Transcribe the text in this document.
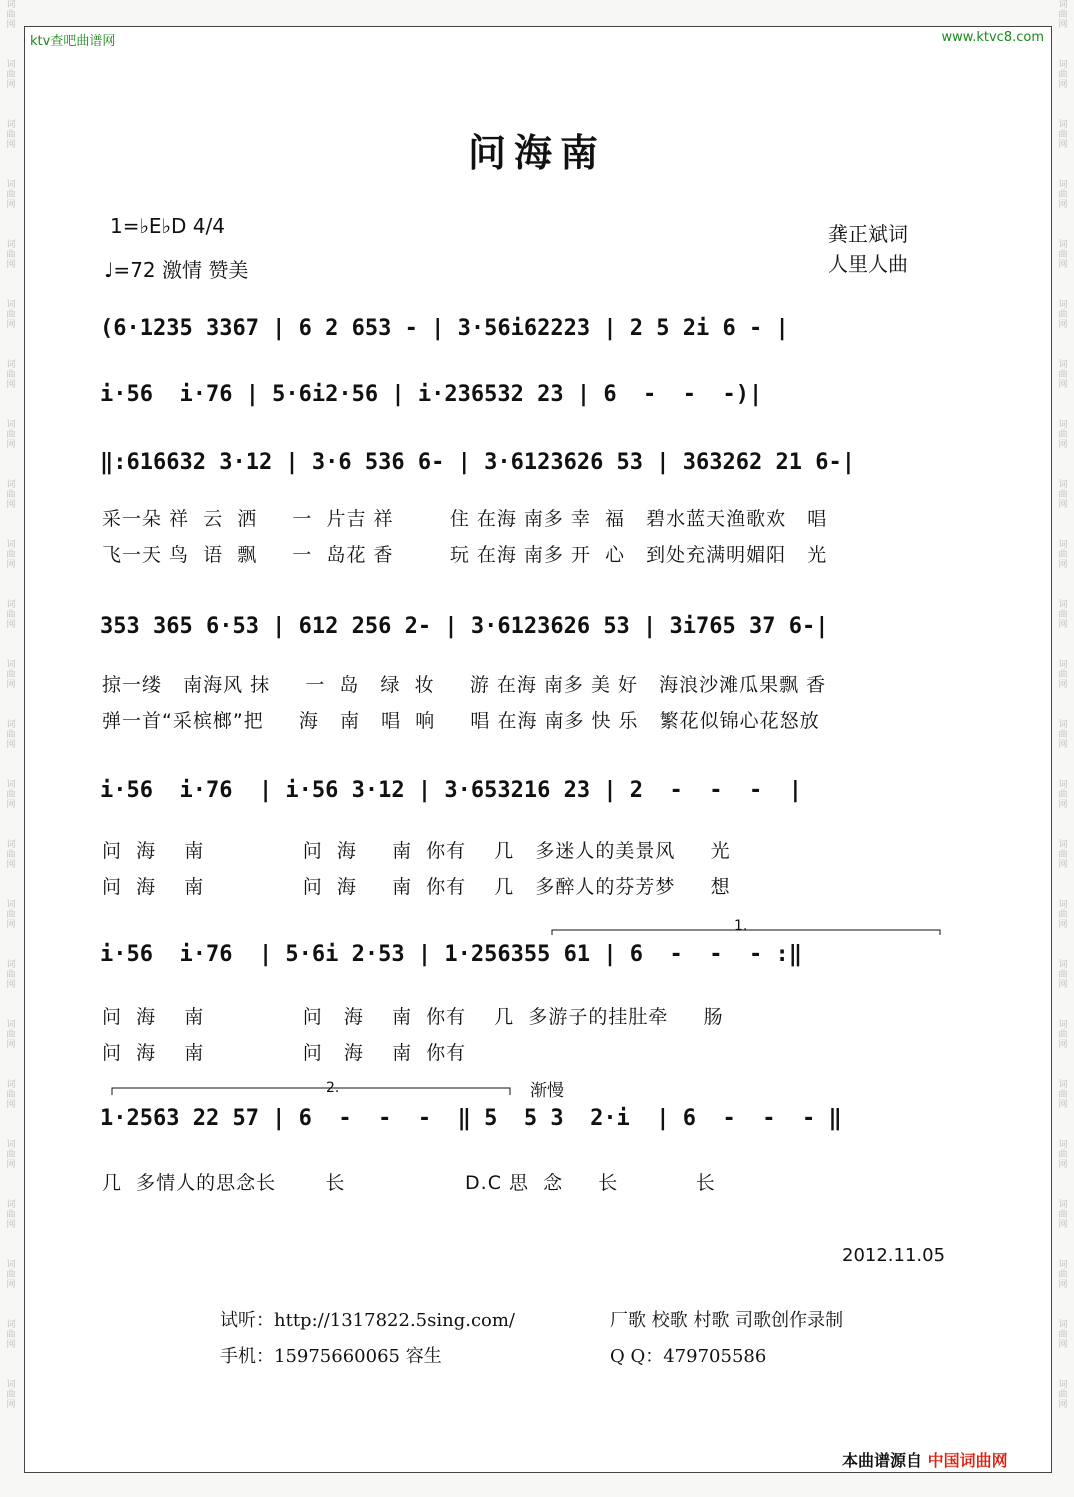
词
曲
网
词
曲
网
词
曲
网
词
曲
网
词
曲
网
词
曲
网
词
曲
网
词
曲
网
词
曲
网
词
曲
网
词
曲
网
词
曲
网
词
曲
网
词
曲
网
词
曲
网
词
曲
网
词
曲
网
词
曲
网
词
曲
网
词
曲
网
词
曲
网
词
曲
网
词
曲
网
词
曲
网
词
曲
网
词
曲
网
词
曲
网
词
曲
网
词
曲
网
词
曲
网
词
曲
网
词
曲
网
词
曲
网
词
曲
网
词
曲
网
词
曲
网
词
曲
网
词
曲
网
词
曲
网
词
曲
网
词
曲
网
词
曲
网
词
曲
网
词
曲
网
词
曲
网
词
曲
网
词
曲
网
词
曲
网
ktv查吧曲谱网	www.ktvc8.com
问海南
1=♭E♭D 4/4
♩=72 激情 赞美
龚正斌词
人里人曲
(6·1235 3367 | 6 2 653 - | 3·56i62223 | 2 5 2i 6 - |
i·56  i·76 | 5·6i2·56 | i·236532 23 | 6  -  -  -)|
‖:616632 3·12 | 3·6 536 6- | 3·6123626 53 | 363262 21 6-|
采一朵 祥  云  洒     一  片吉 祥        住 在海 南多 幸  福   碧水蓝天渔歌欢   唱
飞一天 鸟  语  飘     一  岛花 香        玩 在海 南多 开  心   到处充满明媚阳   光
353 365 6·53 | 612 256 2- | 3·6123626 53 | 3i765 37 6-|
掠一缕   南海风 抹     一  岛   绿  妆     游 在海 南多 美 好   海浪沙滩瓜果飘 香
弹一首“采槟榔”把     海   南   唱  响     唱 在海 南多 快 乐   繁花似锦心花怒放
i·56  i·76  | i·56 3·12 | 3·653216 23 | 2  -  -  -  |
问  海    南              问  海     南  你有    几   多迷人的美景风     光
问  海    南              问  海     南  你有    几   多醉人的芬芳梦     想
1.
i·56  i·76  | 5·6i 2·53 | 1·256355 61 | 6  -  -  - :‖
问  海    南              问   海    南  你有    几  多游子的挂肚牵     肠
问  海    南              问   海    南  你有
2.	渐慢
1·2563 22 57 | 6  -  -  -  ‖ 5  5 3  2·i  | 6  -  -  - ‖
几  多情人的思念长       长                 D.C 思  念     长           长
2012.11.05
试听：http://1317822.5sing.com/
手机：15975660065 容生
厂歌 校歌 村歌 司歌创作录制
Q Q：479705586
本曲谱源自 中国词曲网
